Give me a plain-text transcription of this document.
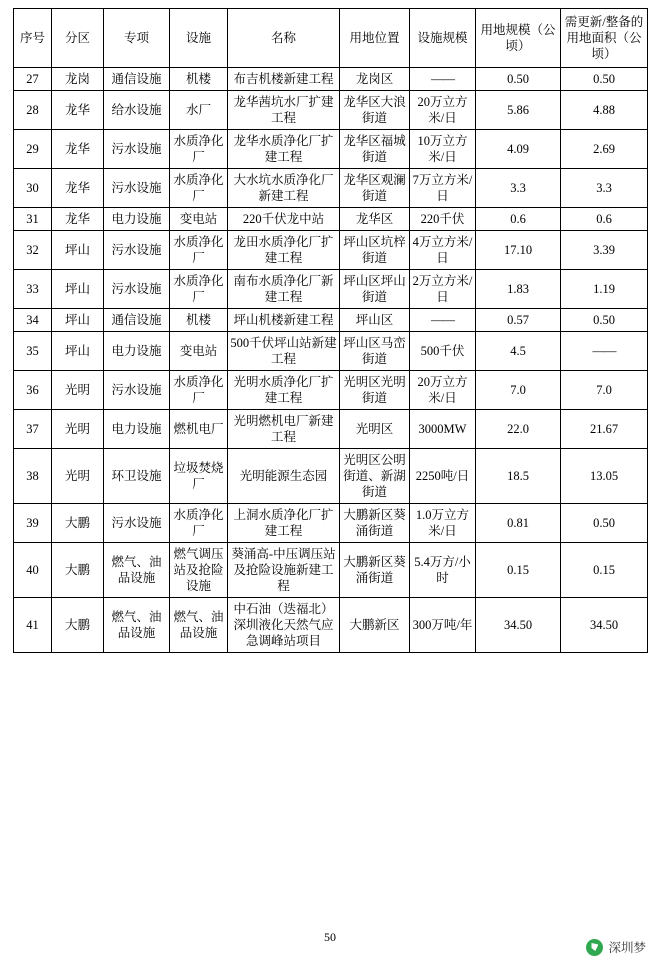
序号	分区	专项	设施	名称	用地位置	设施规模	用地规模（公顷）	需更新/整备的用地面积（公顷）
27	龙岗	通信设施	机楼	布吉机楼新建工程	龙岗区	——	0.50	0.50
28	龙华	给水设施	水厂	龙华茜坑水厂扩建工程	龙华区大浪街道	20万立方米/日	5.86	4.88
29	龙华	污水设施	水质净化厂	龙华水质净化厂扩建工程	龙华区福城街道	10万立方米/日	4.09	2.69
30	龙华	污水设施	水质净化厂	大水坑水质净化厂新建工程	龙华区观澜街道	7万立方米/日	3.3	3.3
31	龙华	电力设施	变电站	220千伏龙中站	龙华区	220千伏	0.6	0.6
32	坪山	污水设施	水质净化厂	龙田水质净化厂扩建工程	坪山区坑梓街道	4万立方米/日	17.10	3.39
33	坪山	污水设施	水质净化厂	南布水质净化厂新建工程	坪山区坪山街道	2万立方米/日	1.83	1.19
34	坪山	通信设施	机楼	坪山机楼新建工程	坪山区	——	0.57	0.50
35	坪山	电力设施	变电站	500千伏坪山站新建工程	坪山区马峦街道	500千伏	4.5	——
36	光明	污水设施	水质净化厂	光明水质净化厂扩建工程	光明区光明街道	20万立方米/日	7.0	7.0
37	光明	电力设施	燃机电厂	光明燃机电厂新建工程	光明区	3000MW	22.0	21.67
38	光明	环卫设施	垃圾焚烧厂	光明能源生态园	光明区公明街道、新湖街道	2250吨/日	18.5	13.05
39	大鹏	污水设施	水质净化厂	上洞水质净化厂扩建工程	大鹏新区葵涌街道	1.0万立方米/日	0.81	0.50
40	大鹏	燃气、油品设施	燃气调压站及抢险设施	葵涌高-中压调压站及抢险设施新建工程	大鹏新区葵涌街道	5.4万方/小时	0.15	0.15
41	大鹏	燃气、油品设施	燃气、油品设施	中石油（迭福北）深圳液化天然气应急调峰站项目	大鹏新区	300万吨/年	34.50	34.50
50
深圳梦
